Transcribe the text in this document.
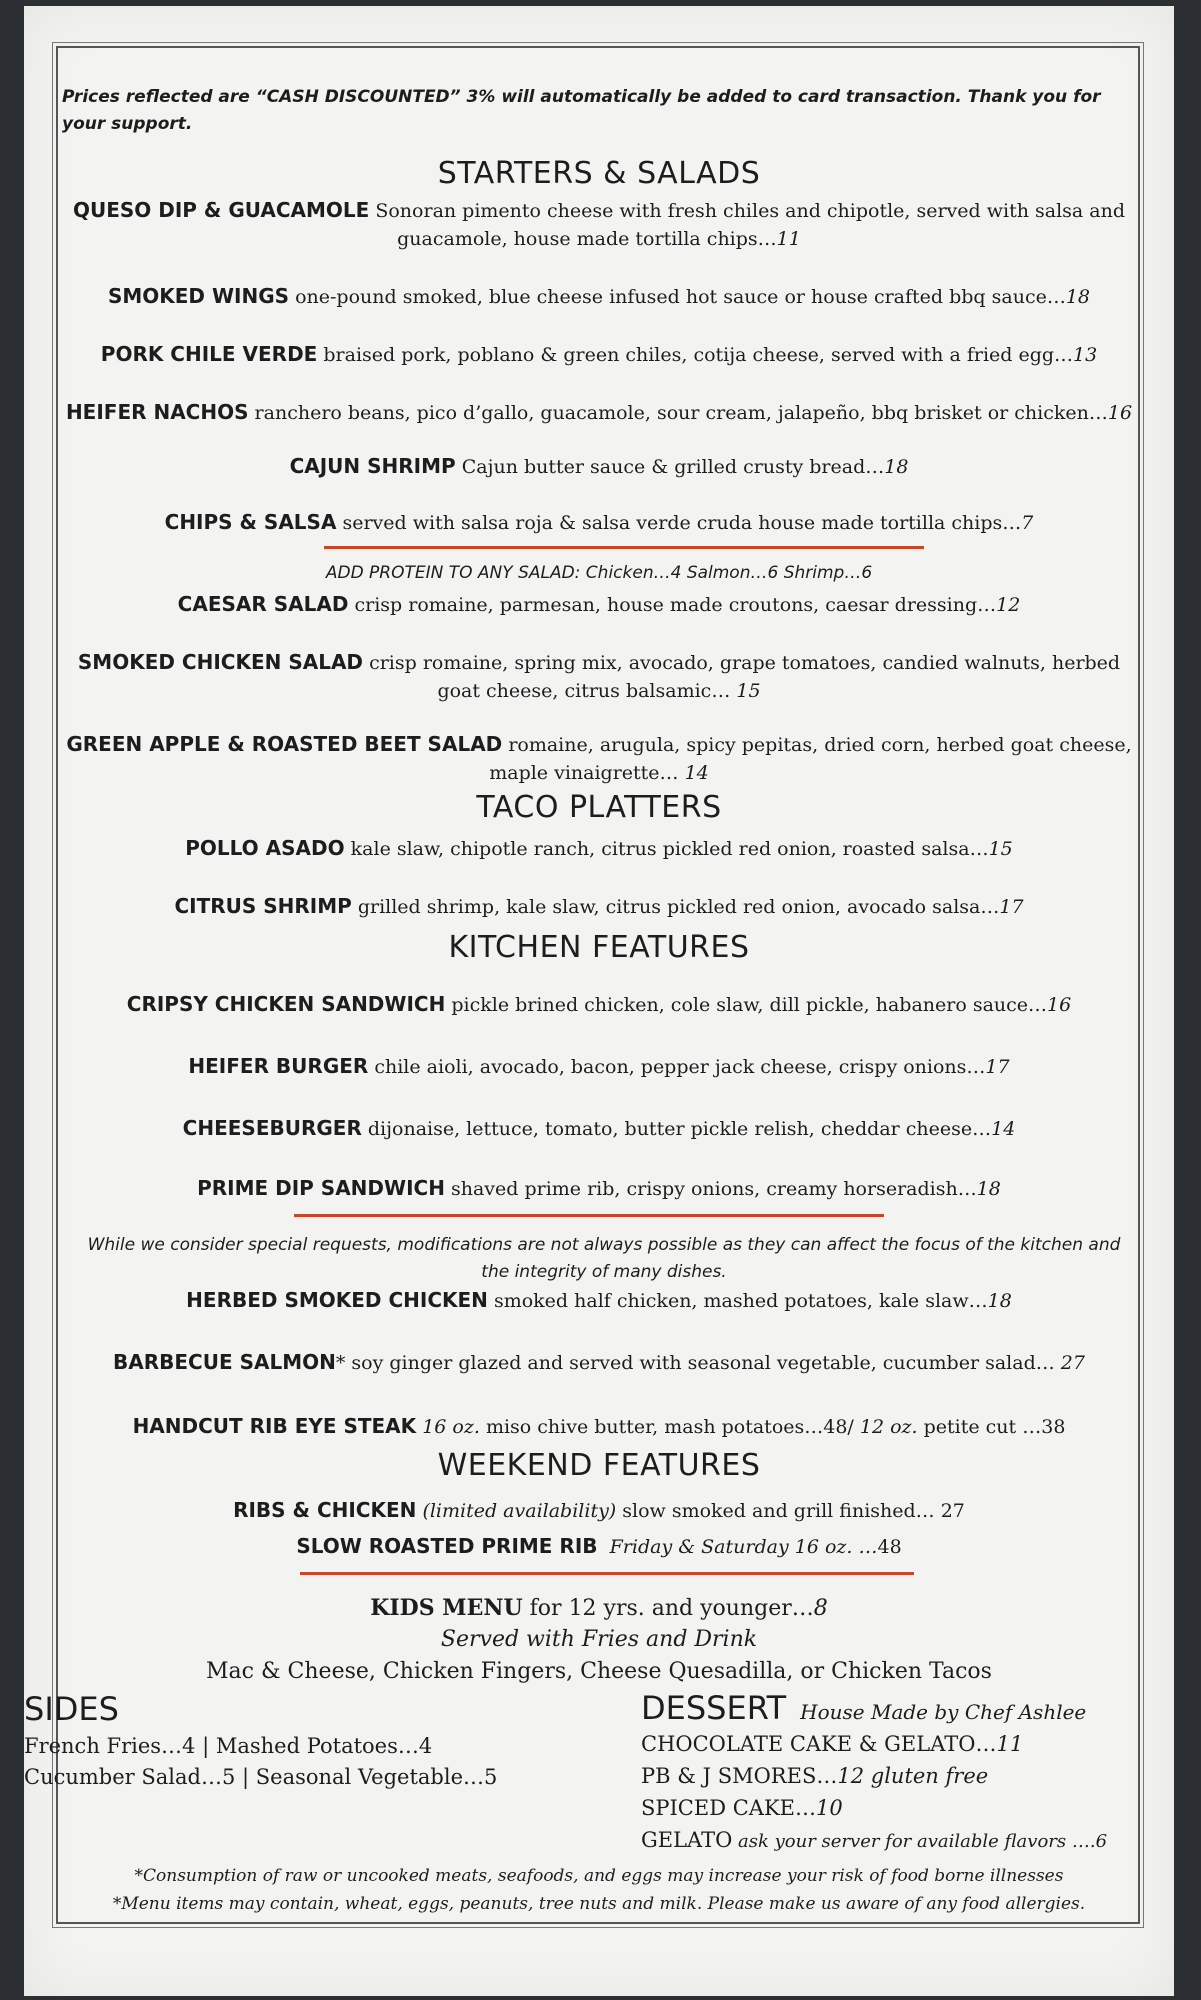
Prices reflected are “CASH DISCOUNTED” 3% will automatically be added to card transaction. Thank you for your support.
STARTERS & SALADS
QUESO DIP & GUACAMOLE Sonoran pimento cheese with fresh chiles and chipotle, served with salsa and guacamole, house made tortilla chips…11
SMOKED WINGS one-pound smoked, blue cheese infused hot sauce or house crafted bbq sauce…18
PORK CHILE VERDE braised pork, poblano & green chiles, cotija cheese, served with a fried egg…13
HEIFER NACHOS ranchero beans, pico d’gallo, guacamole, sour cream, jalapeño, bbq brisket or chicken…16
CAJUN SHRIMP Cajun butter sauce & grilled crusty bread…18
CHIPS & SALSA served with salsa roja & salsa verde cruda house made tortilla chips…7
ADD PROTEIN TO ANY SALAD: Chicken…4 Salmon…6 Shrimp…6
CAESAR SALAD crisp romaine, parmesan, house made croutons, caesar dressing…12
SMOKED CHICKEN SALAD crisp romaine, spring mix, avocado, grape tomatoes, candied walnuts, herbed goat cheese, citrus balsamic… 15
GREEN APPLE & ROASTED BEET SALAD romaine, arugula, spicy pepitas, dried corn, herbed goat cheese, maple vinaigrette… 14
TACO PLATTERS
POLLO ASADO kale slaw, chipotle ranch, citrus pickled red onion, roasted salsa…15
CITRUS SHRIMP grilled shrimp, kale slaw, citrus pickled red onion, avocado salsa…17
KITCHEN FEATURES
CRIPSY CHICKEN SANDWICH pickle brined chicken, cole slaw, dill pickle, habanero sauce…16
HEIFER BURGER chile aioli, avocado, bacon, pepper jack cheese, crispy onions…17
CHEESEBURGER dijonaise, lettuce, tomato, butter pickle relish, cheddar cheese…14
PRIME DIP SANDWICH shaved prime rib, crispy onions, creamy horseradish…18
While we consider special requests, modifications are not always possible as they can affect the focus of the kitchen and the integrity of many dishes.
HERBED SMOKED CHICKEN smoked half chicken, mashed potatoes, kale slaw…18
BARBECUE SALMON* soy ginger glazed and served with seasonal vegetable, cucumber salad… 27
HANDCUT RIB EYE STEAK 16 oz. miso chive butter, mash potatoes…48/ 12 oz. petite cut …38
WEEKEND FEATURES
RIBS & CHICKEN (limited availability) slow smoked and grill finished… 27
SLOW ROASTED PRIME RIB Friday & Saturday 16 oz. …48
KIDS MENU for 12 yrs. and younger…8
Served with Fries and Drink
Mac & Cheese, Chicken Fingers, Cheese Quesadilla, or Chicken Tacos
SIDES
French Fries…4 | Mashed Potatoes…4
Cucumber Salad…5 | Seasonal Vegetable…5
DESSERT House Made by Chef Ashlee
CHOCOLATE CAKE & GELATO…11
PB & J SMORES…12 gluten free
SPICED CAKE…10
GELATO ask your server for available flavors ….6
*Consumption of raw or uncooked meats, seafoods, and eggs may increase your risk of food borne illnesses
*Menu items may contain, wheat, eggs, peanuts, tree nuts and milk. Please make us aware of any food allergies.
